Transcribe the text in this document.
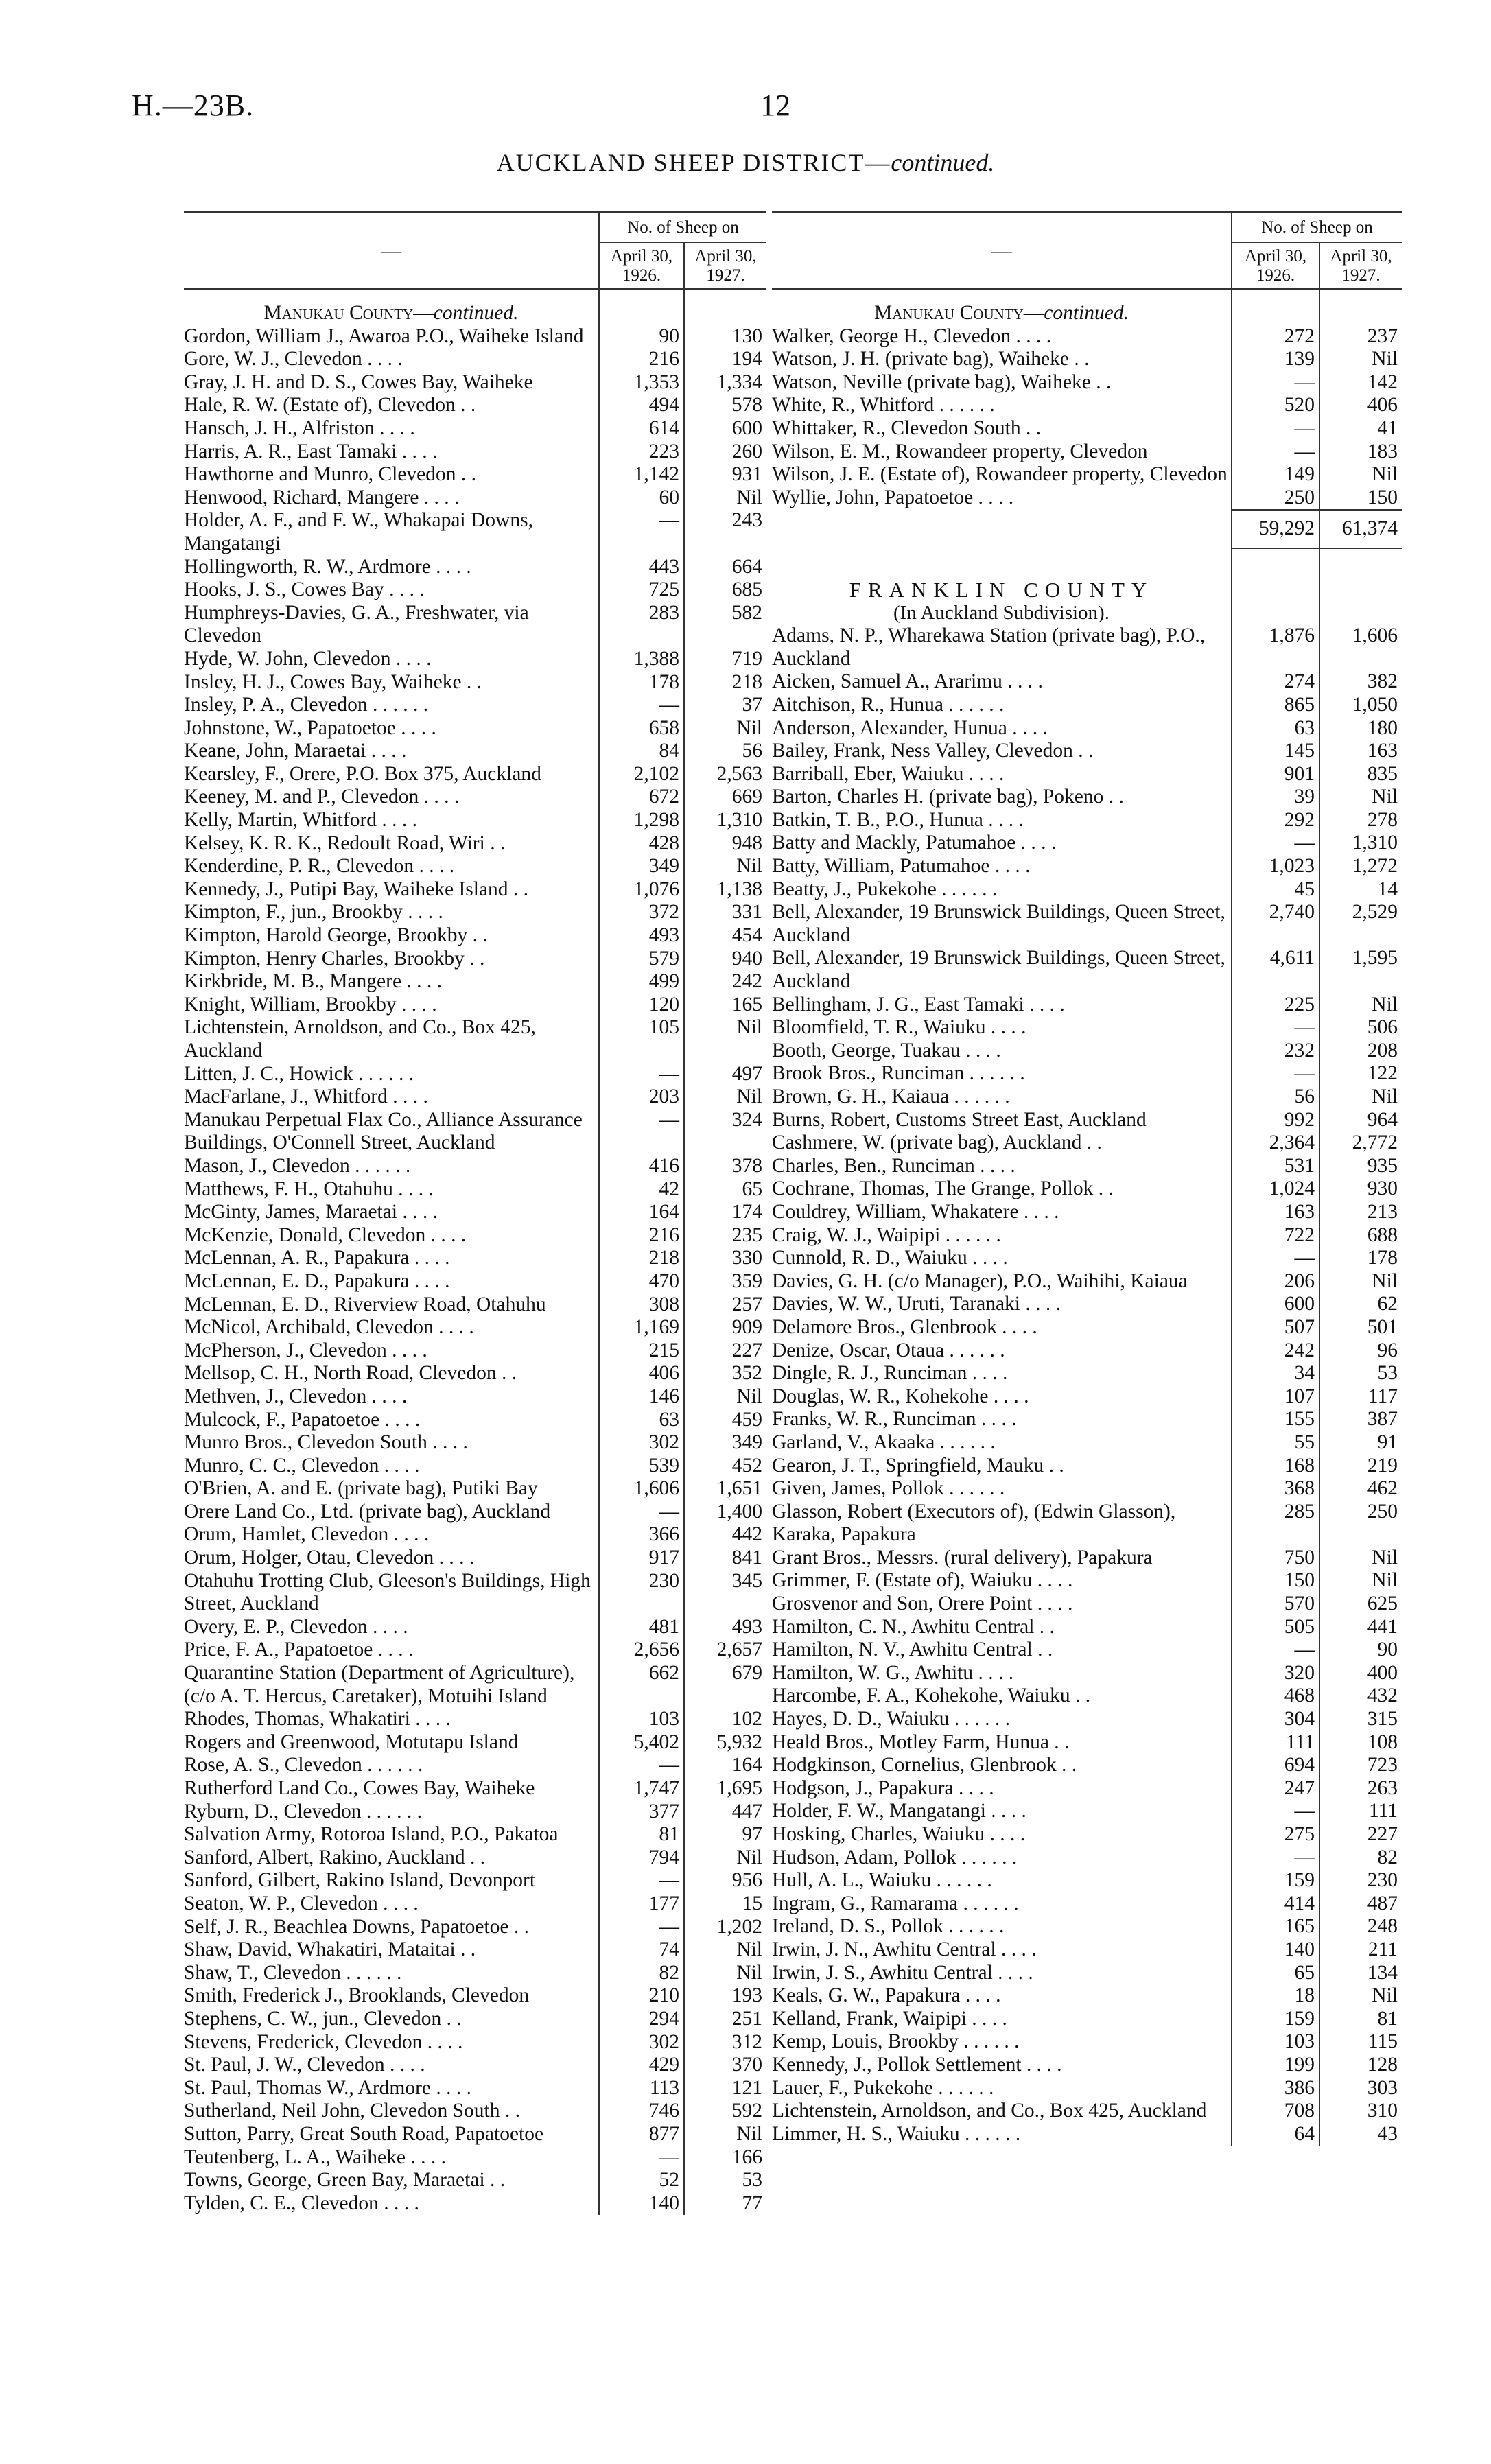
H.—23B.	12
AUCKLAND SHEEP DISTRICT—continued.
—	No. of Sheep on	
	April 30, 1926.	April 30, 1927.
Manukau County—continued.		
Gordon, William J., Awaroa P.O., Waiheke Island	90	130
Gore, W. J., Clevedon . . . .	216	194
Gray, J. H. and D. S., Cowes Bay, Waiheke	1,353	1,334
Hale, R. W. (Estate of), Clevedon . .	494	578
Hansch, J. H., Alfriston . . . .	614	600
Harris, A. R., East Tamaki . . . .	223	260
Hawthorne and Munro, Clevedon . .	1,142	931
Henwood, Richard, Mangere . . . .	60	Nil
Holder, A. F., and F. W., Whakapai Downs, Mangatangi	—	243
Hollingworth, R. W., Ardmore . . . .	443	664
Hooks, J. S., Cowes Bay . . . .	725	685
Humphreys-Davies, G. A., Freshwater, via Clevedon	283	582
Hyde, W. John, Clevedon . . . .	1,388	719
Insley, H. J., Cowes Bay, Waiheke . .	178	218
Insley, P. A., Clevedon . . . . . .	—	37
Johnstone, W., Papatoetoe . . . .	658	Nil
Keane, John, Maraetai . . . .	84	56
Kearsley, F., Orere, P.O. Box 375, Auckland	2,102	2,563
Keeney, M. and P., Clevedon . . . .	672	669
Kelly, Martin, Whitford . . . .	1,298	1,310
Kelsey, K. R. K., Redoult Road, Wiri . .	428	948
Kenderdine, P. R., Clevedon . . . .	349	Nil
Kennedy, J., Putipi Bay, Waiheke Island . .	1,076	1,138
Kimpton, F., jun., Brookby . . . .	372	331
Kimpton, Harold George, Brookby . .	493	454
Kimpton, Henry Charles, Brookby . .	579	940
Kirkbride, M. B., Mangere . . . .	499	242
Knight, William, Brookby . . . .	120	165
Lichtenstein, Arnoldson, and Co., Box 425, Auckland	105	Nil
Litten, J. C., Howick . . . . . .	—	497
MacFarlane, J., Whitford . . . .	203	Nil
Manukau Perpetual Flax Co., Alliance Assurance Buildings, O'Connell Street, Auckland	—	324
Mason, J., Clevedon . . . . . .	416	378
Matthews, F. H., Otahuhu . . . .	42	65
McGinty, James, Maraetai . . . .	164	174
McKenzie, Donald, Clevedon . . . .	216	235
McLennan, A. R., Papakura . . . .	218	330
McLennan, E. D., Papakura . . . .	470	359
McLennan, E. D., Riverview Road, Otahuhu	308	257
McNicol, Archibald, Clevedon . . . .	1,169	909
McPherson, J., Clevedon . . . .	215	227
Mellsop, C. H., North Road, Clevedon . .	406	352
Methven, J., Clevedon . . . .	146	Nil
Mulcock, F., Papatoetoe . . . .	63	459
Munro Bros., Clevedon South . . . .	302	349
Munro, C. C., Clevedon . . . .	539	452
O'Brien, A. and E. (private bag), Putiki Bay	1,606	1,651
Orere Land Co., Ltd. (private bag), Auckland	—	1,400
Orum, Hamlet, Clevedon . . . .	366	442
Orum, Holger, Otau, Clevedon . . . .	917	841
Otahuhu Trotting Club, Gleeson's Buildings, High Street, Auckland	230	345
Overy, E. P., Clevedon . . . .	481	493
Price, F. A., Papatoetoe . . . .	2,656	2,657
Quarantine Station (Department of Agriculture), (c/o A. T. Hercus, Caretaker), Motuihi Island	662	679
Rhodes, Thomas, Whakatiri . . . .	103	102
Rogers and Greenwood, Motutapu Island	5,402	5,932
Rose, A. S., Clevedon . . . . . .	—	164
Rutherford Land Co., Cowes Bay, Waiheke	1,747	1,695
Ryburn, D., Clevedon . . . . . .	377	447
Salvation Army, Rotoroa Island, P.O., Pakatoa	81	97
Sanford, Albert, Rakino, Auckland . .	794	Nil
Sanford, Gilbert, Rakino Island, Devonport	—	956
Seaton, W. P., Clevedon . . . .	177	15
Self, J. R., Beachlea Downs, Papatoetoe . .	—	1,202
Shaw, David, Whakatiri, Mataitai . .	74	Nil
Shaw, T., Clevedon . . . . . .	82	Nil
Smith, Frederick J., Brooklands, Clevedon	210	193
Stephens, C. W., jun., Clevedon . .	294	251
Stevens, Frederick, Clevedon . . . .	302	312
St. Paul, J. W., Clevedon . . . .	429	370
St. Paul, Thomas W., Ardmore . . . .	113	121
Sutherland, Neil John, Clevedon South . .	746	592
Sutton, Parry, Great South Road, Papatoetoe	877	Nil
Teutenberg, L. A., Waiheke . . . .	—	166
Towns, George, Green Bay, Maraetai . .	52	53
Tylden, C. E., Clevedon . . . .	140	77
—	No. of Sheep on	
	April 30, 1926.	April 30, 1927.
Manukau County—continued.		
Walker, George H., Clevedon . . . .	272	237
Watson, J. H. (private bag), Waiheke . .	139	Nil
Watson, Neville (private bag), Waiheke . .	—	142
White, R., Whitford . . . . . .	520	406
Whittaker, R., Clevedon South . .	—	41
Wilson, E. M., Rowandeer property, Clevedon	—	183
Wilson, J. E. (Estate of), Rowandeer property, Clevedon	149	Nil
Wyllie, John, Papatoetoe . . . .	250	150
	59,292	61,374
FRANKLIN COUNTY		
(In Auckland Subdivision).		
Adams, N. P., Wharekawa Station (private bag), P.O., Auckland	1,876	1,606
Aicken, Samuel A., Ararimu . . . .	274	382
Aitchison, R., Hunua . . . . . .	865	1,050
Anderson, Alexander, Hunua . . . .	63	180
Bailey, Frank, Ness Valley, Clevedon . .	145	163
Barriball, Eber, Waiuku . . . .	901	835
Barton, Charles H. (private bag), Pokeno . .	39	Nil
Batkin, T. B., P.O., Hunua . . . .	292	278
Batty and Mackly, Patumahoe . . . .	—	1,310
Batty, William, Patumahoe . . . .	1,023	1,272
Beatty, J., Pukekohe . . . . . .	45	14
Bell, Alexander, 19 Brunswick Buildings, Queen Street, Auckland	2,740	2,529
Bell, Alexander, 19 Brunswick Buildings, Queen Street, Auckland	4,611	1,595
Bellingham, J. G., East Tamaki . . . .	225	Nil
Bloomfield, T. R., Waiuku . . . .	—	506
Booth, George, Tuakau . . . .	232	208
Brook Bros., Runciman . . . . . .	—	122
Brown, G. H., Kaiaua . . . . . .	56	Nil
Burns, Robert, Customs Street East, Auckland	992	964
Cashmere, W. (private bag), Auckland . .	2,364	2,772
Charles, Ben., Runciman . . . .	531	935
Cochrane, Thomas, The Grange, Pollok . .	1,024	930
Couldrey, William, Whakatere . . . .	163	213
Craig, W. J., Waipipi . . . . . .	722	688
Cunnold, R. D., Waiuku . . . .	—	178
Davies, G. H. (c/o Manager), P.O., Waihihi, Kaiaua	206	Nil
Davies, W. W., Uruti, Taranaki . . . .	600	62
Delamore Bros., Glenbrook . . . .	507	501
Denize, Oscar, Otaua . . . . . .	242	96
Dingle, R. J., Runciman . . . .	34	53
Douglas, W. R., Kohekohe . . . .	107	117
Franks, W. R., Runciman . . . .	155	387
Garland, V., Akaaka . . . . . .	55	91
Gearon, J. T., Springfield, Mauku . .	168	219
Given, James, Pollok . . . . . .	368	462
Glasson, Robert (Executors of), (Edwin Glasson), Karaka, Papakura	285	250
Grant Bros., Messrs. (rural delivery), Papakura	750	Nil
Grimmer, F. (Estate of), Waiuku . . . .	150	Nil
Grosvenor and Son, Orere Point . . . .	570	625
Hamilton, C. N., Awhitu Central . .	505	441
Hamilton, N. V., Awhitu Central . .	—	90
Hamilton, W. G., Awhitu . . . .	320	400
Harcombe, F. A., Kohekohe, Waiuku . .	468	432
Hayes, D. D., Waiuku . . . . . .	304	315
Heald Bros., Motley Farm, Hunua . .	111	108
Hodgkinson, Cornelius, Glenbrook . .	694	723
Hodgson, J., Papakura . . . .	247	263
Holder, F. W., Mangatangi . . . .	—	111
Hosking, Charles, Waiuku . . . .	275	227
Hudson, Adam, Pollok . . . . . .	—	82
Hull, A. L., Waiuku . . . . . .	159	230
Ingram, G., Ramarama . . . . . .	414	487
Ireland, D. S., Pollok . . . . . .	165	248
Irwin, J. N., Awhitu Central . . . .	140	211
Irwin, J. S., Awhitu Central . . . .	65	134
Keals, G. W., Papakura . . . .	18	Nil
Kelland, Frank, Waipipi . . . .	159	81
Kemp, Louis, Brookby . . . . . .	103	115
Kennedy, J., Pollok Settlement . . . .	199	128
Lauer, F., Pukekohe . . . . . .	386	303
Lichtenstein, Arnoldson, and Co., Box 425, Auckland	708	310
Limmer, H. S., Waiuku . . . . . .	64	43
